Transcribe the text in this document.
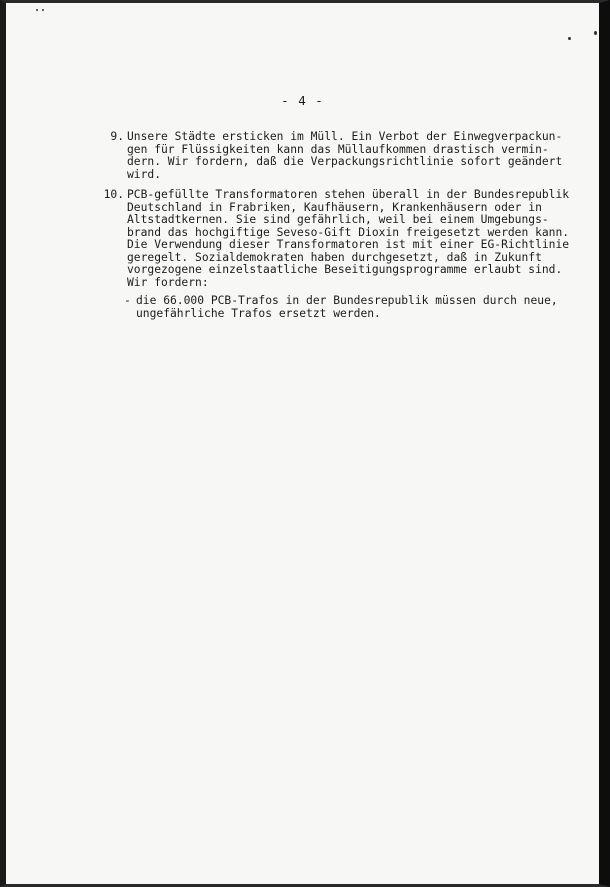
- 4 -
9. Unsere Städte ersticken im Müll. Ein Verbot der Einwegverpackun-
gen für Flüssigkeiten kann das Müllaufkommen drastisch vermin-
dern. Wir fordern, daß die Verpackungsrichtlinie sofort geändert
wird.
10. PCB-gefüllte Transformatoren stehen überall in der Bundesrepublik
Deutschland in Frabriken, Kaufhäusern, Krankenhäusern oder in
Altstadtkernen. Sie sind gefährlich, weil bei einem Umgebungs-
brand das hochgiftige Seveso-Gift Dioxin freigesetzt werden kann.
Die Verwendung dieser Transformatoren ist mit einer EG-Richtlinie
geregelt. Sozialdemokraten haben durchgesetzt, daß in Zukunft
vorgezogene einzelstaatliche Beseitigungsprogramme erlaubt sind.
Wir fordern:
- die 66.000 PCB-Trafos in der Bundesrepublik müssen durch neue,
ungefährliche Trafos ersetzt werden.
